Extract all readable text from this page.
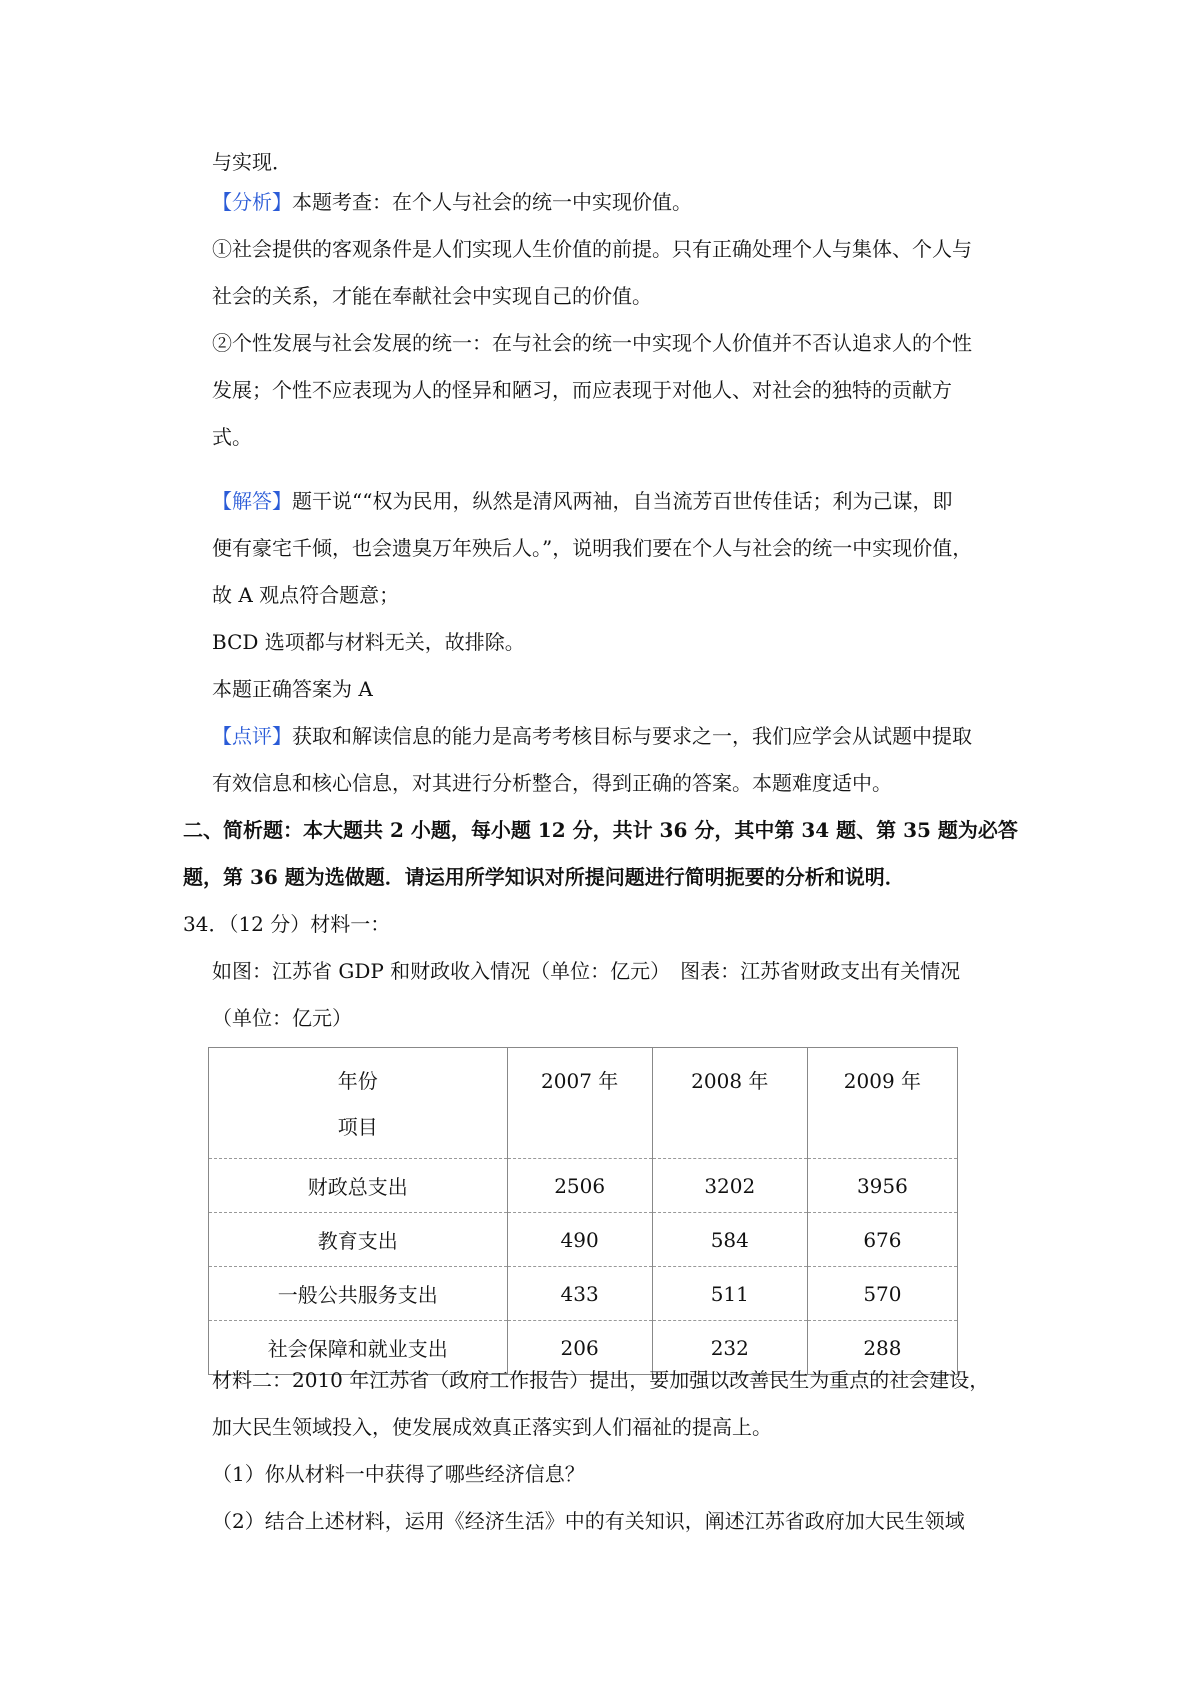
与实现．
【分析】本题考查：在个人与社会的统一中实现价值。
①社会提供的客观条件是人们实现人生价值的前提。只有正确处理个人与集体、个人与
社会的关系，才能在奉献社会中实现自己的价值。
②个性发展与社会发展的统一：在与社会的统一中实现个人价值并不否认追求人的个性
发展；个性不应表现为人的怪异和陋习，而应表现于对他人、对社会的独特的贡献方
式。
【解答】题干说““权为民用，纵然是清风两袖，自当流芳百世传佳话；利为己谋，即
便有豪宅千倾，也会遗臭万年殃后人。”，说明我们要在个人与社会的统一中实现价值，
故 A 观点符合题意；
BCD 选项都与材料无关，故排除。
本题正确答案为 A
【点评】获取和解读信息的能力是高考考核目标与要求之一，我们应学会从试题中提取
有效信息和核心信息，对其进行分析整合，得到正确的答案。本题难度适中。
二、简析题：本大题共 2 小题，每小题 12 分，共计 36 分，其中第 34 题、第 35 题为必答
题，第 36 题为选做题．请运用所学知识对所提问题进行简明扼要的分析和说明．
34．（12 分）材料一：
如图：江苏省 GDP 和财政收入情况（单位：亿元）　图表：江苏省财政支出有关情况
（单位：亿元）
年份
项目	2007 年	2008 年	2009 年

财政总支出	2506	3202	3956
教育支出	490	584	676
一般公共服务支出	433	511	570
社会保障和就业支出	206	232	288
材料二：2010 年江苏省（政府工作报告）提出，要加强以改善民生为重点的社会建设，
加大民生领域投入，使发展成效真正落实到人们福祉的提高上。
（1）你从材料一中获得了哪些经济信息？
（2）结合上述材料，运用《经济生活》中的有关知识，阐述江苏省政府加大民生领域
